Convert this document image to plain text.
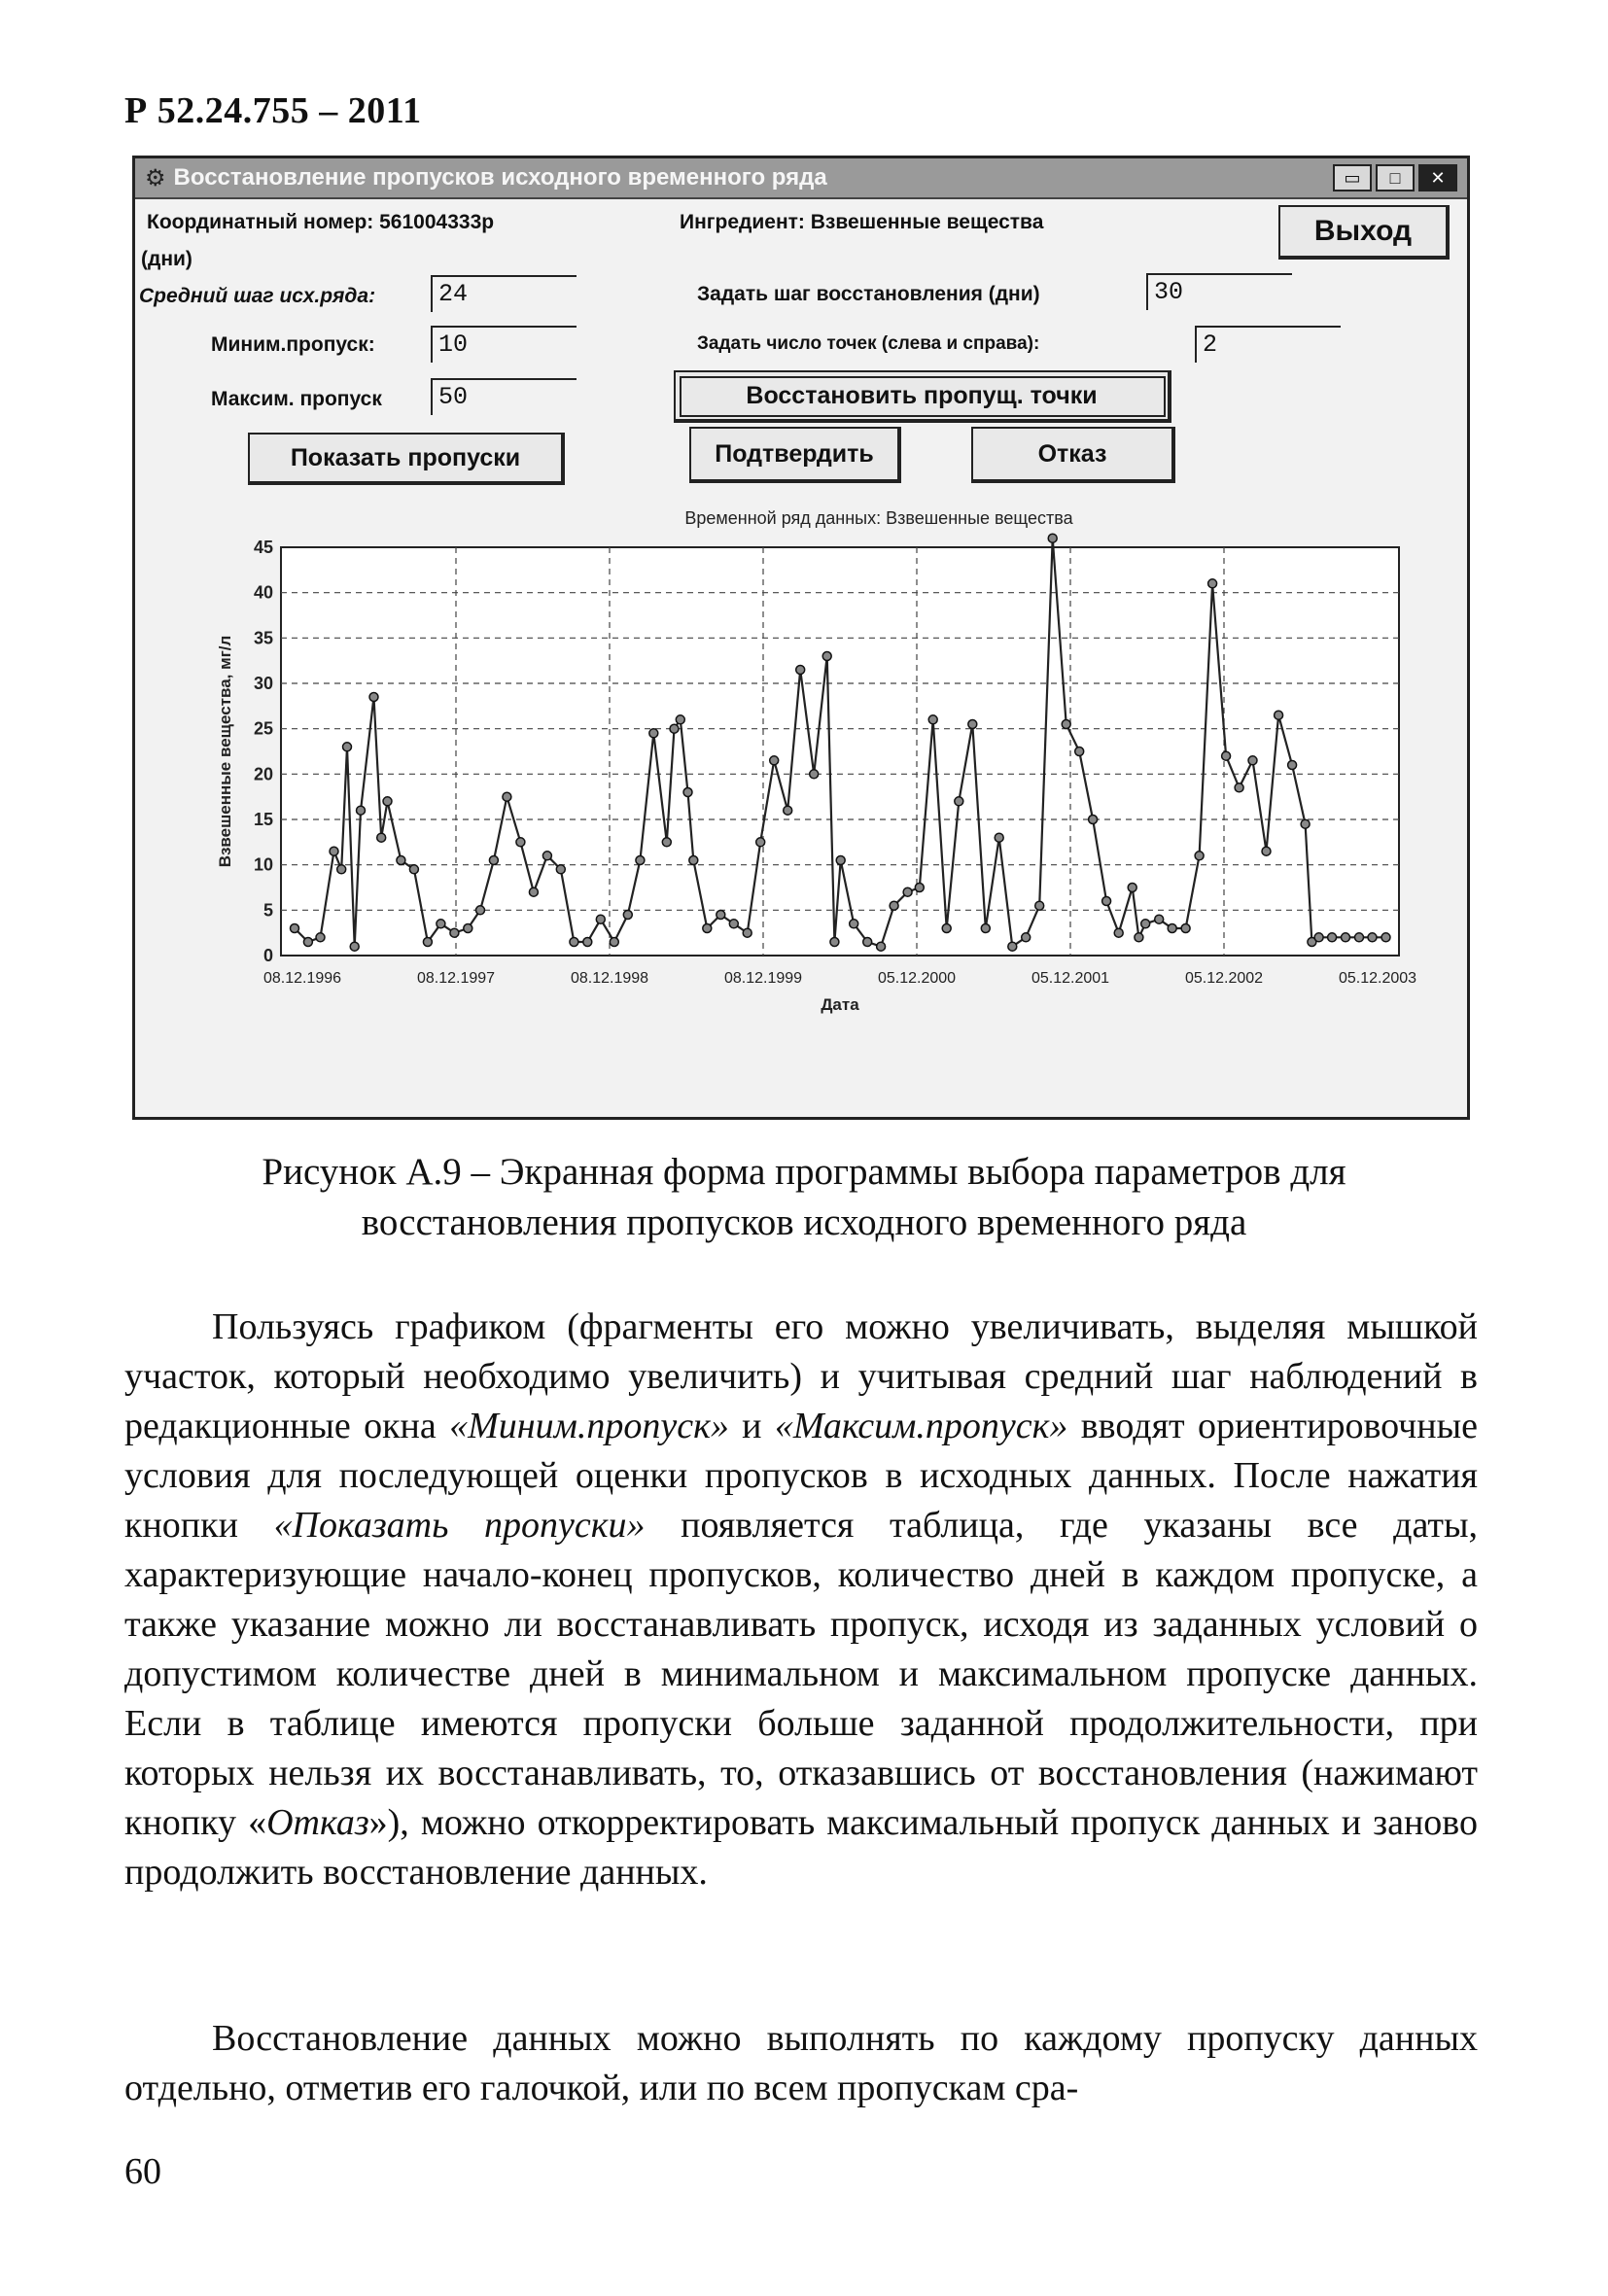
Р 52.24.755 – 2011
⚙ Восстановление пропусков исходного временного ряда	▭	□	✕
Координатный номер: 561004333р	Ингредиент: Взвешенные вещества	Выход
(дни)
Средний шаг исх.ряда:	24
Миним.пропуск:	10
Максим. пропуск	50
Задать шаг восстановления (дни)	30
Задать число точек (слева и справа):	2
Восстановить пропущ. точки
Показать пропуски	Подтвердить	Отказ
Временной ряд данных: Взвешенные вещества
0
5
10
15
20
25
30
35
40
45
08.12.1996	08.12.1997	08.12.1998	08.12.1999	05.12.2000	05.12.2001	05.12.2002	05.12.2003
Дата
Взвешенные вещества, мг/л
Рисунок А.9 – Экранная форма программы выбора параметров для
восстановления пропусков исходного временного ряда
Пользуясь графиком (фрагменты его можно увеличивать, выделяя мышкой участок, который необходимо увеличить) и учитывая средний шаг наблюдений в редакционные окна «Миним.пропуск» и «Максим.пропуск» вводят ориентировочные условия для последующей оценки пропусков в исходных данных. После нажатия кнопки «Показать пропуски» появляется таблица, где указаны все даты, характеризующие начало-конец пропусков, количество дней в каждом пропуске, а также указание можно ли восстанавливать пропуск, исходя из заданных условий о допустимом количестве дней в минимальном и максимальном пропуске данных. Если в таблице имеются пропуски больше заданной продолжительности, при которых нельзя их восстанавливать, то, отказавшись от восстановления (нажимают кнопку «Отказ»), можно откорректировать максимальный пропуск данных и заново продолжить восстановление данных.
Восстановление данных можно выполнять по каждому пропуску данных отдельно, отметив его галочкой, или по всем пропускам сра-
60
